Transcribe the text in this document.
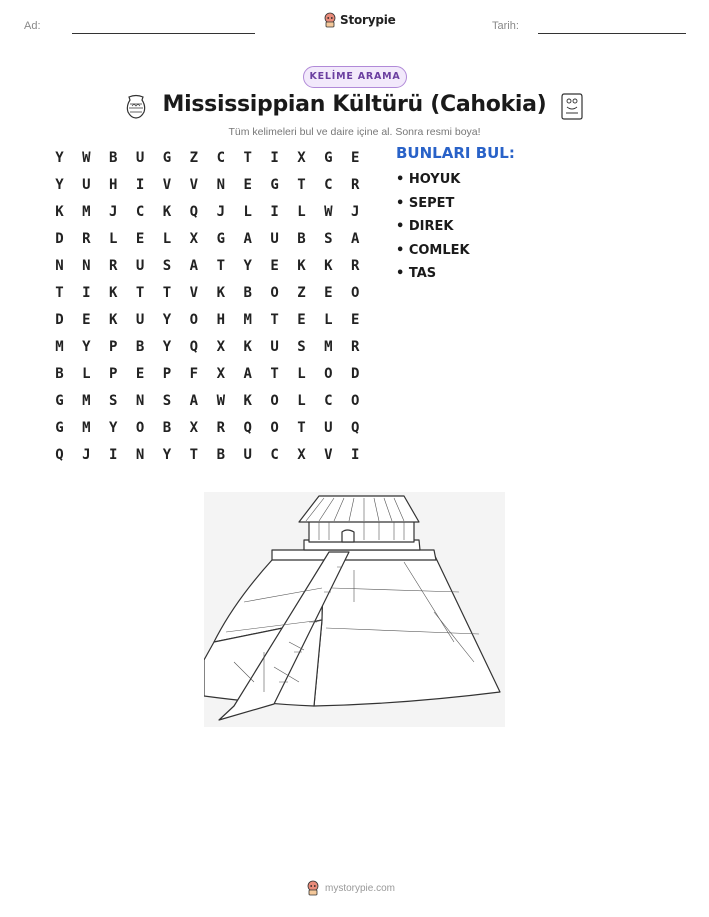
Ad:	Storypie	Tarih:
KELİME ARAMA
Mississippian Kültürü (Cahokia)
Tüm kelimeleri bul ve daire içine al. Sonra resmi boya!
Y	W	B	U	G	Z	C	T	I	X	G	E
Y	U	H	I	V	V	N	E	G	T	C	R
K	M	J	C	K	Q	J	L	I	L	W	J
D	R	L	E	L	X	G	A	U	B	S	A
N	N	R	U	S	A	T	Y	E	K	K	R
T	I	K	T	T	V	K	B	O	Z	E	O
D	E	K	U	Y	O	H	M	T	E	L	E
M	Y	P	B	Y	Q	X	K	U	S	M	R
B	L	P	E	P	F	X	A	T	L	O	D
G	M	S	N	S	A	W	K	O	L	C	O
G	M	Y	O	B	X	R	Q	O	T	U	Q
Q	J	I	N	Y	T	B	U	C	X	V	I
BUNLARI BUL:
• HOYUK
• SEPET
• DIREK
• COMLEK
• TAS
mystorypie.com
